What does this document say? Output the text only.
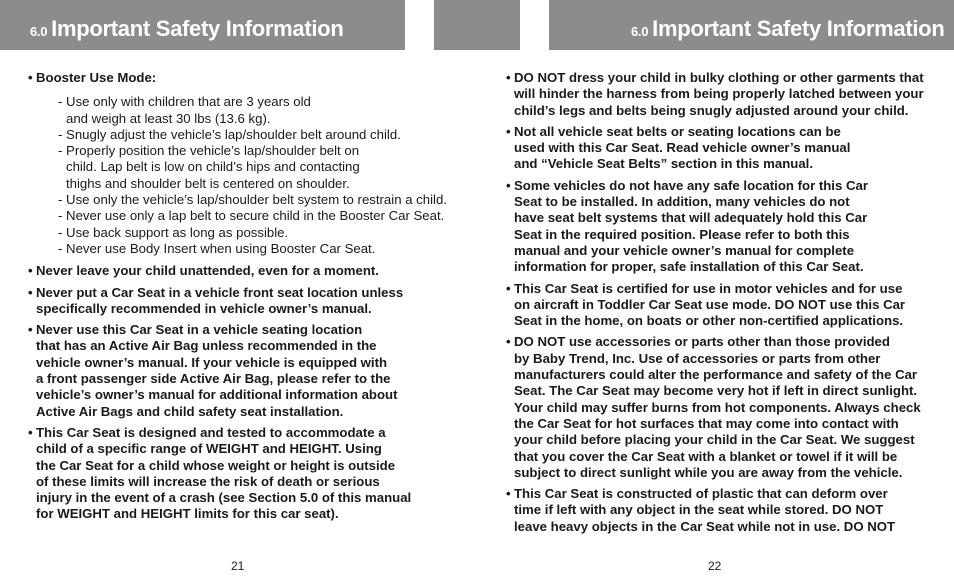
6.0 Important Safety Information	6.0 Important Safety Information
• Booster Use Mode:
- Use only with children that are 3 years old
and weigh at least 30 lbs (13.6 kg).
- Snugly adjust the vehicle’s lap/shoulder belt around child.
- Properly position the vehicle’s lap/shoulder belt on
child. Lap belt is low on child’s hips and contacting
thighs and shoulder belt is centered on shoulder.
- Use only the vehicle’s lap/shoulder belt system to restrain a child.
- Never use only a lap belt to secure child in the Booster Car Seat.
- Use back support as long as possible.
- Never use Body Insert when using Booster Car Seat.
• Never leave your child unattended, even for a moment.
• Never put a Car Seat in a vehicle front seat location unless
specifically recommended in vehicle owner’s manual.
• Never use this Car Seat in a vehicle seating location
that has an Active Air Bag unless recommended in the
vehicle owner’s manual. If your vehicle is equipped with
a front passenger side Active Air Bag, please refer to the
vehicle’s owner’s manual for additional information about
Active Air Bags and child safety seat installation.
• This Car Seat is designed and tested to accommodate a
child of a specific range of WEIGHT and HEIGHT. Using
the Car Seat for a child whose weight or height is outside
of these limits will increase the risk of death or serious
injury in the event of a crash (see Section 5.0 of this manual
for WEIGHT and HEIGHT limits for this car seat).
• DO NOT dress your child in bulky clothing or other garments that
will hinder the harness from being properly latched between your
child’s legs and belts being snugly adjusted around your child.
• Not all vehicle seat belts or seating locations can be
used with this Car Seat. Read vehicle owner’s manual
and “Vehicle Seat Belts” section in this manual.
• Some vehicles do not have any safe location for this Car
Seat to be installed. In addition, many vehicles do not
have seat belt systems that will adequately hold this Car
Seat in the required position. Please refer to both this
manual and your vehicle owner’s manual for complete
information for proper, safe installation of this Car Seat.
• This Car Seat is certified for use in motor vehicles and for use
on aircraft in Toddler Car Seat use mode. DO NOT use this Car
Seat in the home, on boats or other non-certified applications.
• DO NOT use accessories or parts other than those provided
by Baby Trend, Inc. Use of accessories or parts from other
manufacturers could alter the performance and safety of the Car
Seat. The Car Seat may become very hot if left in direct sunlight.
Your child may suffer burns from hot components. Always check
the Car Seat for hot surfaces that may come into contact with
your child before placing your child in the Car Seat. We suggest
that you cover the Car Seat with a blanket or towel if it will be
subject to direct sunlight while you are away from the vehicle.
• This Car Seat is constructed of plastic that can deform over
time if left with any object in the seat while stored. DO NOT
leave heavy objects in the Car Seat while not in use. DO NOT
21	22
